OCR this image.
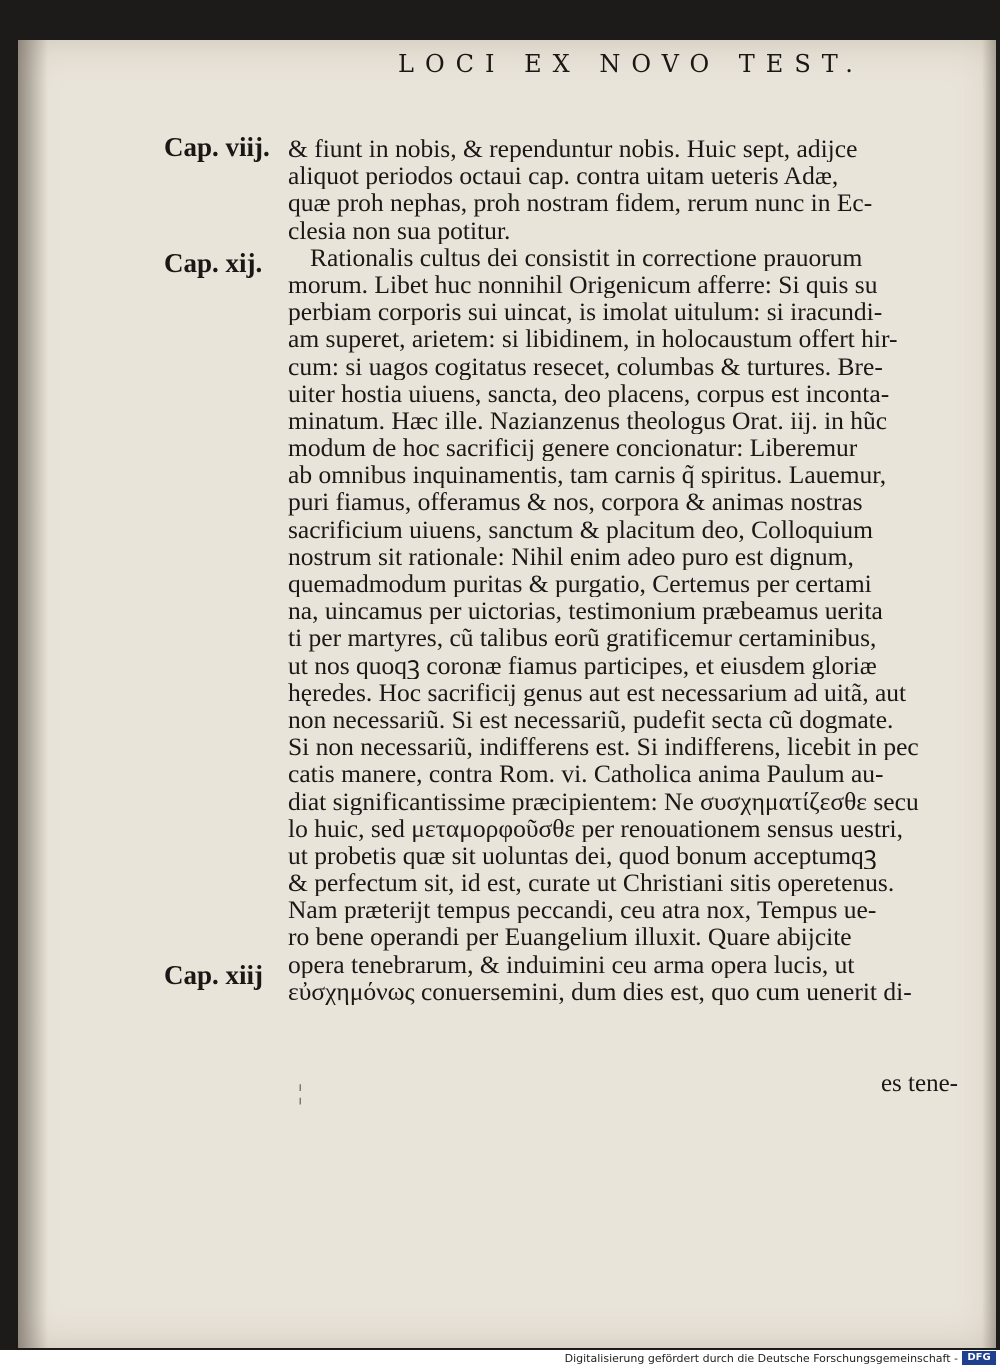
LOCI EX NOVO TEST.
Cap. viij.
Cap. xij.
Cap. xiij
& fiunt in nobis, & rependuntur nobis. Huic sept, adijce
aliquot periodos octaui cap. contra uitam ueteris Adæ,
quæ proh nephas, proh nostram fidem, rerum nunc in Ec-
clesia non sua potitur.
Rationalis cultus dei consistit in correctione prauorum
morum. Libet huc nonnihil Origenicum afferre: Si quis su
perbiam corporis sui uincat, is imolat uitulum: si iracundi-
am superet, arietem: si libidinem, in holocaustum offert hir-
cum: si uagos cogitatus resecet, columbas & turtures. Bre-
uiter hostia uiuens, sancta, deo placens, corpus est inconta-
minatum. Hæc ille. Nazianzenus theologus Orat. iij. in hũc
modum de hoc sacrificij genere concionatur: Liberemur
ab omnibus inquinamentis, tam carnis q̃ spiritus. Lauemur,
puri fiamus, offeramus & nos, corpora & animas nostras
sacrificium uiuens, sanctum & placitum deo, Colloquium
nostrum sit rationale: Nihil enim adeo puro est dignum,
quemadmodum puritas & purgatio, Certemus per certami
na, uincamus per uictorias, testimonium præbeamus uerita
ti per martyres, cũ talibus eorũ gratificemur certaminibus,
ut nos quoqꝫ coronæ fiamus participes, et eiusdem gloriæ
hęredes. Hoc sacrificij genus aut est necessarium ad uitã, aut
non necessariũ. Si est necessariũ, pudefit secta cũ dogmate.
Si non necessariũ, indifferens est. Si indifferens, licebit in pec
catis manere, contra Rom. vi. Catholica anima Paulum au-
diat significantissime præcipientem: Ne συσχηματίζεσθε secu
lo huic, sed μεταμορφοῦσθε per renouationem sensus uestri,
ut probetis quæ sit uoluntas dei, quod bonum acceptumqꝫ
& perfectum sit, id est, curate ut Christiani sitis operetenus.
Nam præterijt tempus peccandi, ceu atra nox, Tempus ue-
ro bene operandi per Euangelium illuxit. Quare abijcite
opera tenebrarum, & induimini ceu arma opera lucis, ut
εὐσχημόνως conuersemini, dum dies est, quo cum uenerit di-
¦	es tene-
Digitalisierung gefördert durch die Deutsche Forschungsgemeinschaft - DFG
